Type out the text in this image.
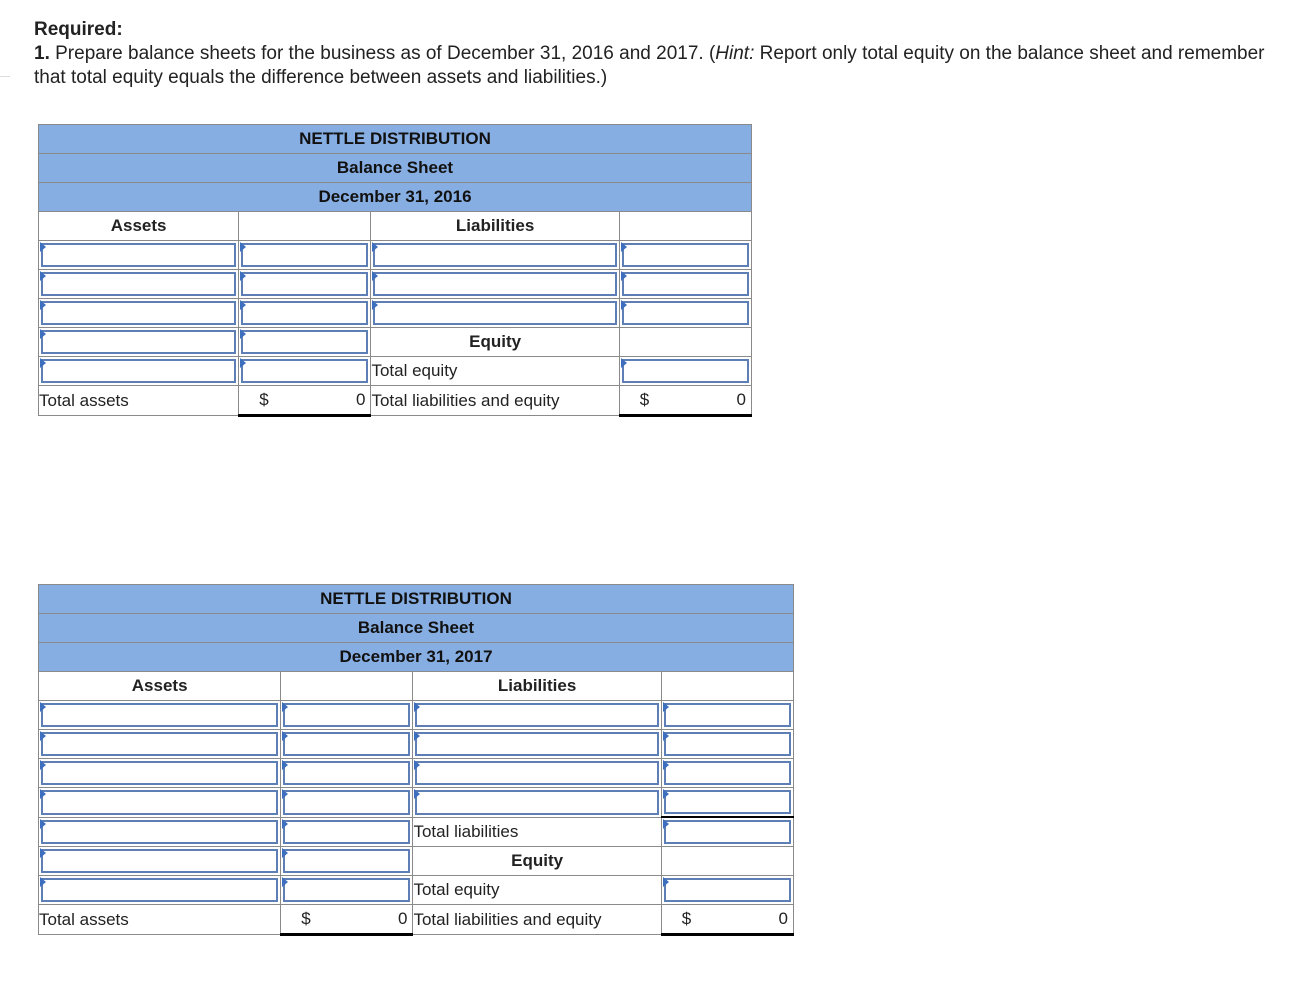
Required:
1. Prepare balance sheets for the business as of December 31, 2016 and 2017. (Hint: Report only total equity on the balance sheet and remember that total equity equals the difference between assets and liabilities.)
NETTLE DISTRIBUTION			
Balance Sheet			
December 31, 2016			
Assets		Liabilities	

		Equity	
		Total equity	
Total assets	$ 0	Total liabilities and equity	$ 0
NETTLE DISTRIBUTION			
Balance Sheet			
December 31, 2017			
Assets		Liabilities	

		Total liabilities	
		Equity	
		Total equity	
Total assets	$ 0	Total liabilities and equity	$ 0
